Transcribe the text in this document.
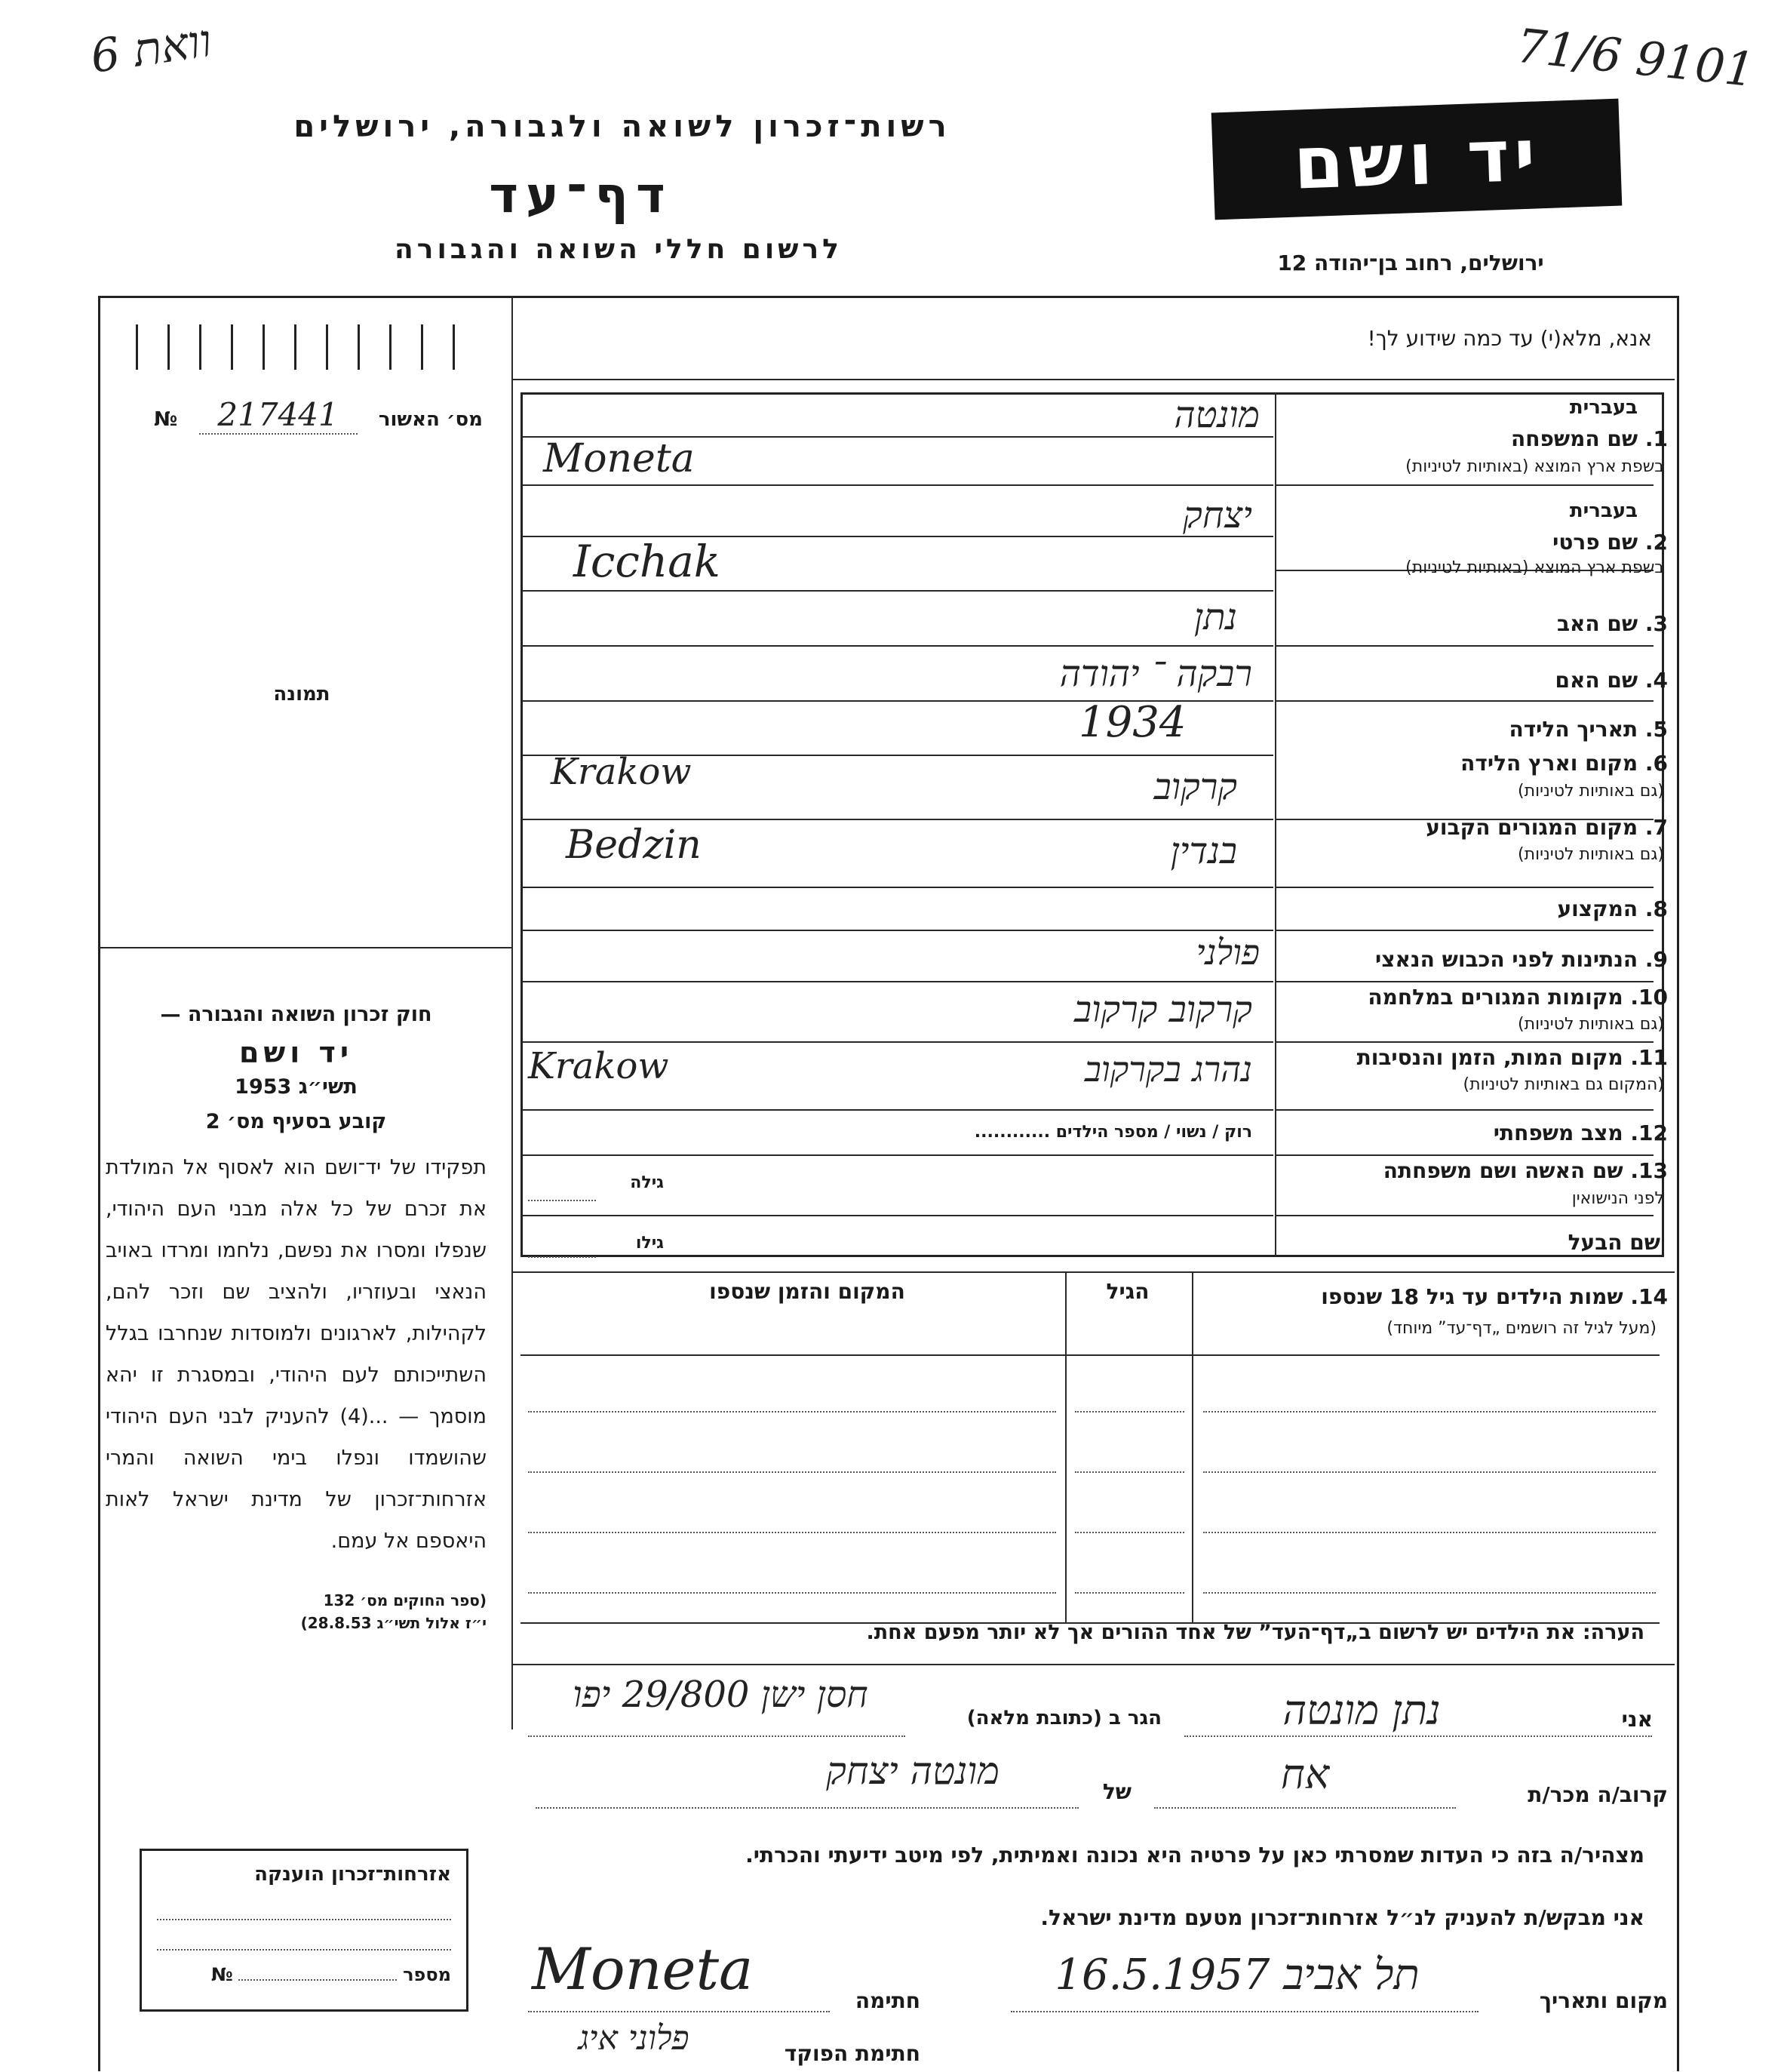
6 וואת	71/6 9101
רשות־זכרון לשואה ולגבורה, ירושלים
דף־עד
לרשום חללי השואה והגבורה
יד ושם
ירושלים, רחוב בן־יהודה 12
אנא, מלא(י) עד כמה שידוע לך!
מס׳ האשור 217441 №
תמונה

חוק זכרון השואה והגבורה —

יד ושם

תשי״ג 1953

קובע בסעיף מס׳ 2

תפקידו של יד־ושם הוא לאסוף אל המולדת את זכרם של כל אלה מבני העם היהודי, שנפלו ומסרו את נפשם, נלחמו ומרדו באויב הנאצי ובעוזריו, ולהציב שם וזכר להם, לקהילות, לארגונים ולמוסדות שנחרבו בגלל השתייכותם לעם היהודי, ובמסגרת זו יהא מוסמך — ...(4) להעניק לבני העם היהודי שהושמדו ונפלו בימי השואה והמרי אזרחות־זכרון של מדינת ישראל לאות היאספם אל עמם.

(ספר החוקים מס׳ 132

י״ז אלול תשי״ג 28.8.53)

אזרחות־זכרון הוענקה
מספר  №
בעברית
1. שם המשפחה
בשפת ארץ המוצא (באותיות לטיניות)
מונטה
Moneta
בעברית
2. שם פרטי
בשפת ארץ המוצא (באותיות לטיניות)
יצחק
Icchak
3. שם האב
נתן
4. שם האם
רבקה ־ יהודה
5. תאריך הלידה
1934
6. מקום וארץ הלידה
(גם באותיות לטיניות)
קרקוב
Krakow
7. מקום המגורים הקבוע
(גם באותיות לטיניות)
בנדין
Bedzin
8. המקצוע
9. הנתינות לפני הכבוש הנאצי
פולני
10. מקומות המגורים במלחמה
(גם באותיות לטיניות)
קרקוב קרקוב
11. מקום המות, הזמן והנסיבות
(המקום גם באותיות לטיניות)
נהרג בקרקוב
Krakow
12. מצב משפחתי
רוק / נשוי / מספר הילדים ............
13. שם האשה ושם משפחתה
לפני הנישואין
גילה
שם הבעל
גילו
14. שמות הילדים עד גיל 18 שנספו
(מעל לגיל זה רושמים „דף־עד” מיוחד)
הגיל
המקום והזמן שנספו
הערה: את הילדים יש לרשום ב„דף־העד” של אחד ההורים אך לא יותר מפעם אחת.
אני
נתן מונטה
הגר ב (כתובת מלאה)
חסן ישן 29/800 יפו
קרוב/ה מכר/ת
אח
של
מונטה יצחק
מצהיר/ה בזה כי העדות שמסרתי כאן על פרטיה היא נכונה ואמיתית, לפי מיטב ידיעתי והכרתי.
אני מבקש/ת להעניק לנ״ל אזרחות־זכרון מטעם מדינת ישראל.
מקום ותאריך
תל אביב 16.5.1957
חתימה
Moneta
חתימת הפוקד
פלוני איג
